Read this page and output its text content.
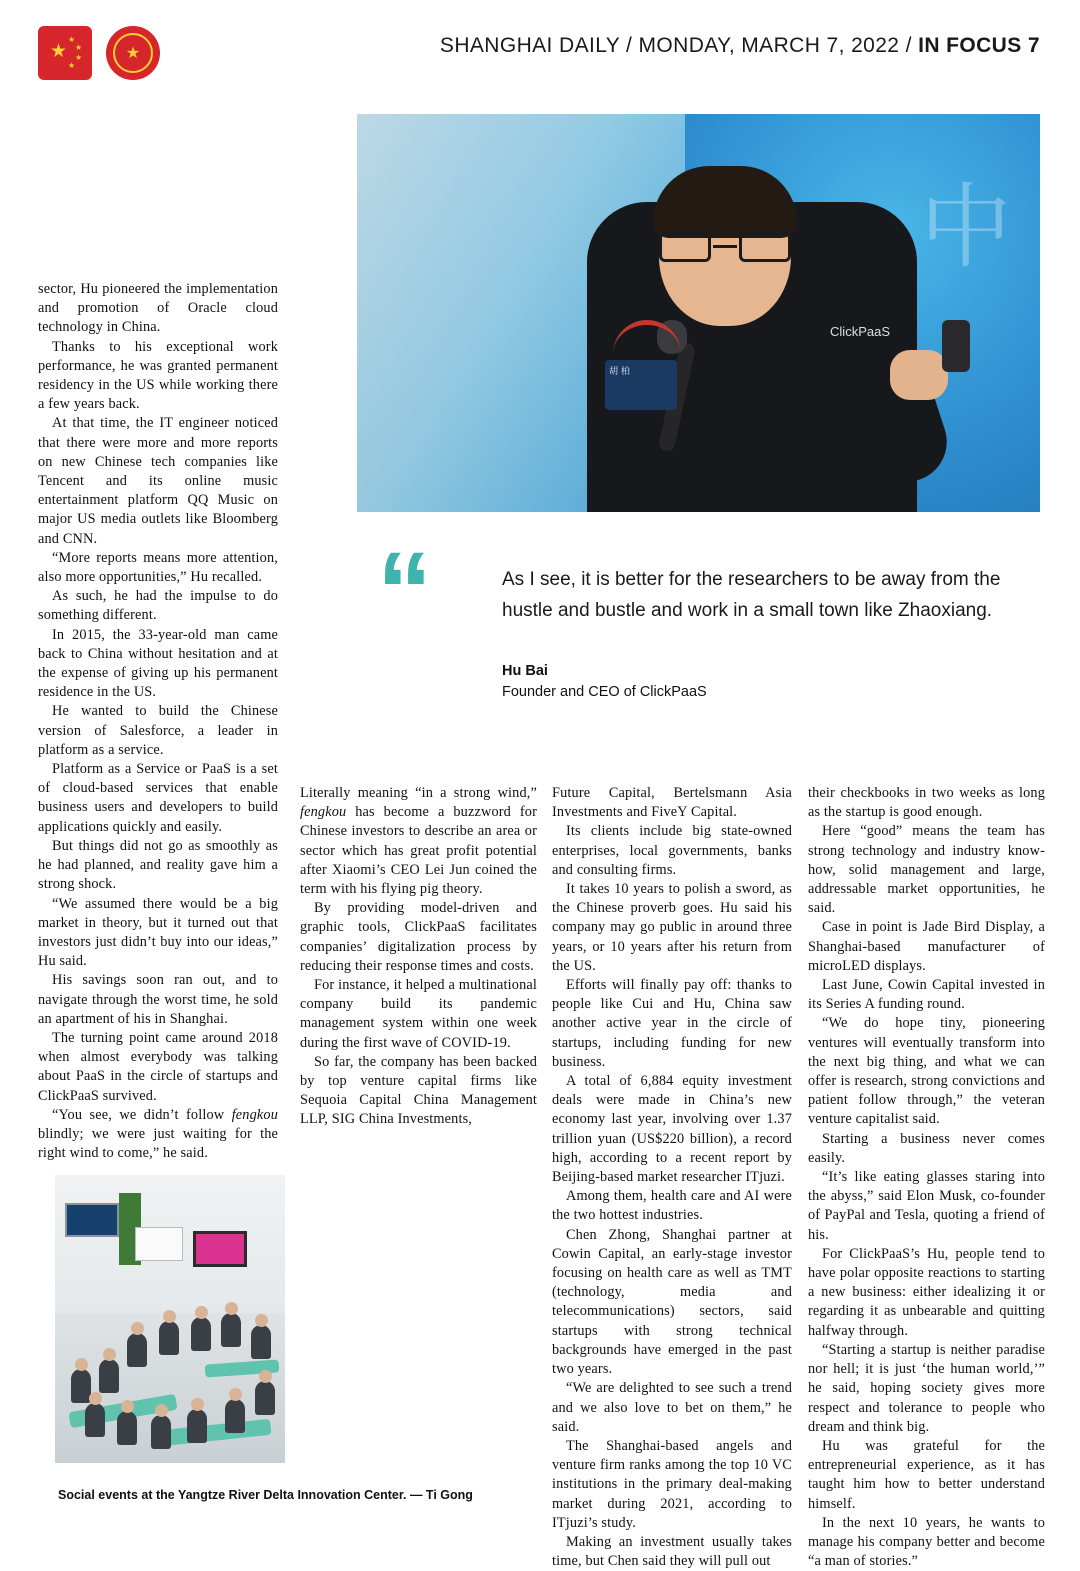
★
★
★
★
★
★	SHANGHAI DAILY / MONDAY, MARCH 7, 2022 / IN FOCUS 7
中
胡 柏
ClickPaaS
“	As I see, it is better for the researchers to be away from the hustle and bustle and work in a small town like Zhaoxiang.
Hu Bai
Founder and CEO of ClickPaaS

sector, Hu pioneered the implementation and promotion of Oracle cloud technology in China.

Thanks to his exceptional work performance, he was granted permanent residency in the US while working there a few years back.

At that time, the IT engineer noticed that there were more and more reports on new Chinese tech companies like Tencent and its online music entertainment platform QQ Music on major US media outlets like Bloomberg and CNN.

“More reports means more attention, also more opportunities,” Hu recalled.

As such, he had the impulse to do something different.

In 2015, the 33-year-old man came back to China without hesitation and at the expense of giving up his permanent residence in the US.

He wanted to build the Chinese version of Salesforce, a leader in platform as a service.

Platform as a Service or PaaS is a set of cloud-based services that enable business users and developers to build applications quickly and easily.

But things did not go as smoothly as he had planned, and reality gave him a strong shock.

“We assumed there would be a big market in theory, but it turned out that investors just didn’t buy into our ideas,” Hu said.

His savings soon ran out, and to navigate through the worst time, he sold an apartment of his in Shanghai.

The turning point came around 2018 when almost everybody was talking about PaaS in the circle of startups and ClickPaaS survived.

“You see, we didn’t follow fengkou blindly; we were just waiting for the right wind to come,” he said.

Literally meaning “in a strong wind,” fengkou has become a buzzword for Chinese investors to describe an area or sector which has great profit potential after Xiaomi’s CEO Lei Jun coined the term with his flying pig theory.

By providing model-driven and graphic tools, ClickPaaS facilitates companies’ digitalization process by reducing their response times and costs.

For instance, it helped a multinational company build its pandemic management system within one week during the first wave of COVID-19.

So far, the company has been backed by top venture capital firms like Sequoia Capital China Management LLP, SIG China Investments,

Future Capital, Bertelsmann Asia Investments and FiveY Capital.

Its clients include big state-owned enterprises, local governments, banks and consulting firms.

It takes 10 years to polish a sword, as the Chinese proverb goes. Hu said his company may go public in around three years, or 10 years after his return from the US.

Efforts will finally pay off: thanks to people like Cui and Hu, China saw another active year in the circle of startups, including funding for new business.

A total of 6,884 equity investment deals were made in China’s new economy last year, involving over 1.37 trillion yuan (US$220 billion), a record high, according to a recent report by Beijing-based market researcher ITjuzi.

Among them, health care and AI were the two hottest industries.

Chen Zhong, Shanghai partner at Cowin Capital, an early-stage investor focusing on health care as well as TMT (technology, media and telecommunications) sectors, said startups with strong technical backgrounds have emerged in the past two years.

“We are delighted to see such a trend and we also love to bet on them,” he said.

The Shanghai-based angels and venture firm ranks among the top 10 VC institutions in the primary deal-making market during 2021, according to ITjuzi’s study.

Making an investment usually takes time, but Chen said they will pull out

their checkbooks in two weeks as long as the startup is good enough.

Here “good” means the team has strong technology and industry know-how, solid management and large, addressable market opportunities, he said.

Case in point is Jade Bird Display, a Shanghai-based manufacturer of microLED displays.

Last June, Cowin Capital invested in its Series A funding round.

“We do hope tiny, pioneering ventures will eventually transform into the next big thing, and what we can offer is research, strong convictions and patient follow through,” the veteran venture capitalist said.

Starting a business never comes easily.

“It’s like eating glasses staring into the abyss,” said Elon Musk, co-founder of PayPal and Tesla, quoting a friend of his.

For ClickPaaS’s Hu, people tend to have polar opposite reactions to starting a new business: either idealizing it or regarding it as unbearable and quitting halfway through.

“Starting a startup is neither paradise nor hell; it is just ‘the human world,’” he said, hoping society gives more respect and tolerance to people who dream and think big.

Hu was grateful for the entrepreneurial experience, as it has taught him how to better understand himself.

In the next 10 years, he wants to manage his company better and become “a man of stories.”

Social events at the Yangtze River Delta Innovation Center. — Ti Gong
